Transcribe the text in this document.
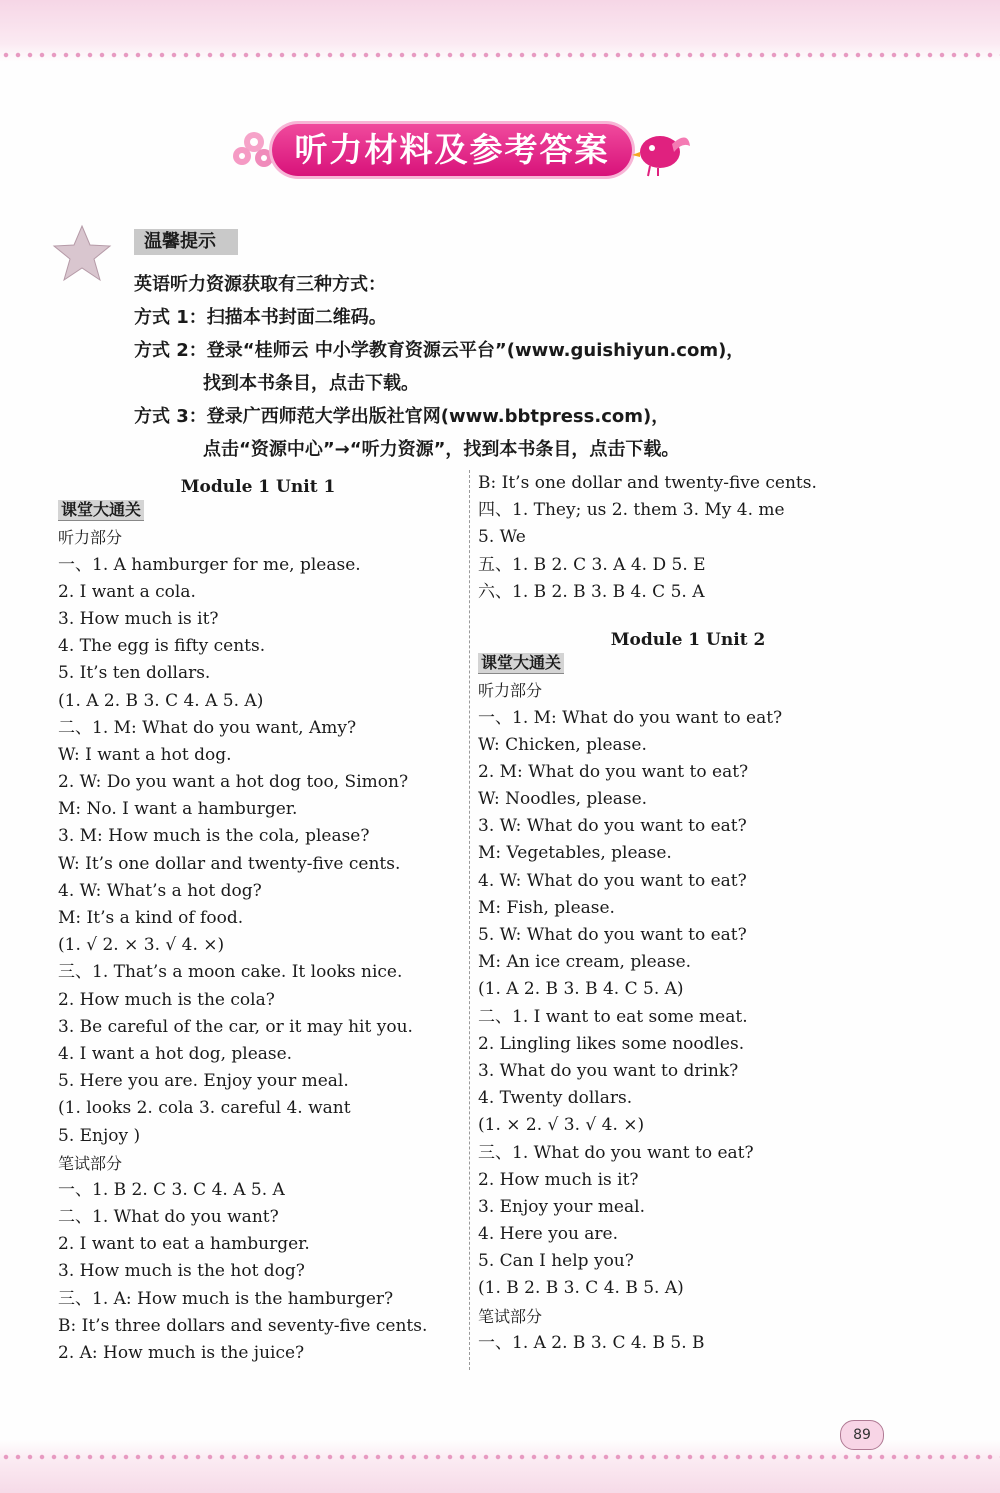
听力材料及参考答案
温馨提示
英语听力资源获取有三种方式：
方式 1：扫描本书封面二维码。
方式 2：登录“桂师云 中小学教育资源云平台”(www.guishiyun.com)，
找到本书条目，点击下载。
方式 3：登录广西师范大学出版社官网(www.bbtpress.com)，
点击“资源中心”→“听力资源”，找到本书条目，点击下载。
Module 1 Unit 1
课堂大通关
听力部分
一、1. A hamburger for me, please.
2. I want a cola.
3. How much is it?
4. The egg is fifty cents.
5. It’s ten dollars.
(1. A 2. B 3. C 4. A 5. A)
二、1. M: What do you want, Amy?
W: I want a hot dog.
2. W: Do you want a hot dog too, Simon?
M: No. I want a hamburger.
3. M: How much is the cola, please?
W: It’s one dollar and twenty-five cents.
4. W: What’s a hot dog?
M: It’s a kind of food.
(1. √ 2. × 3. √ 4. ×)
三、1. That’s a moon cake. It looks nice.
2. How much is the cola?
3. Be careful of the car, or it may hit you.
4. I want a hot dog, please.
5. Here you are. Enjoy your meal.
(1. looks 2. cola 3. careful 4. want
5. Enjoy )
笔试部分
一、1. B 2. C 3. C 4. A 5. A
二、1. What do you want?
2. I want to eat a hamburger.
3. How much is the hot dog?
三、1. A: How much is the hamburger?
B: It’s three dollars and seventy-five cents.
2. A: How much is the juice?
B: It’s one dollar and twenty-five cents.
四、1. They; us 2. them 3. My 4. me
5. We
五、1. B 2. C 3. A 4. D 5. E
六、1. B 2. B 3. B 4. C 5. A
Module 1 Unit 2
课堂大通关
听力部分
一、1. M: What do you want to eat?
W: Chicken, please.
2. M: What do you want to eat?
W: Noodles, please.
3. W: What do you want to eat?
M: Vegetables, please.
4. W: What do you want to eat?
M: Fish, please.
5. W: What do you want to eat?
M: An ice cream, please.
(1. A 2. B 3. B 4. C 5. A)
二、1. I want to eat some meat.
2. Lingling likes some noodles.
3. What do you want to drink?
4. Twenty dollars.
(1. × 2. √ 3. √ 4. ×)
三、1. What do you want to eat?
2. How much is it?
3. Enjoy your meal.
4. Here you are.
5. Can I help you?
(1. B 2. B 3. C 4. B 5. A)
笔试部分
一、1. A 2. B 3. C 4. B 5. B
89
